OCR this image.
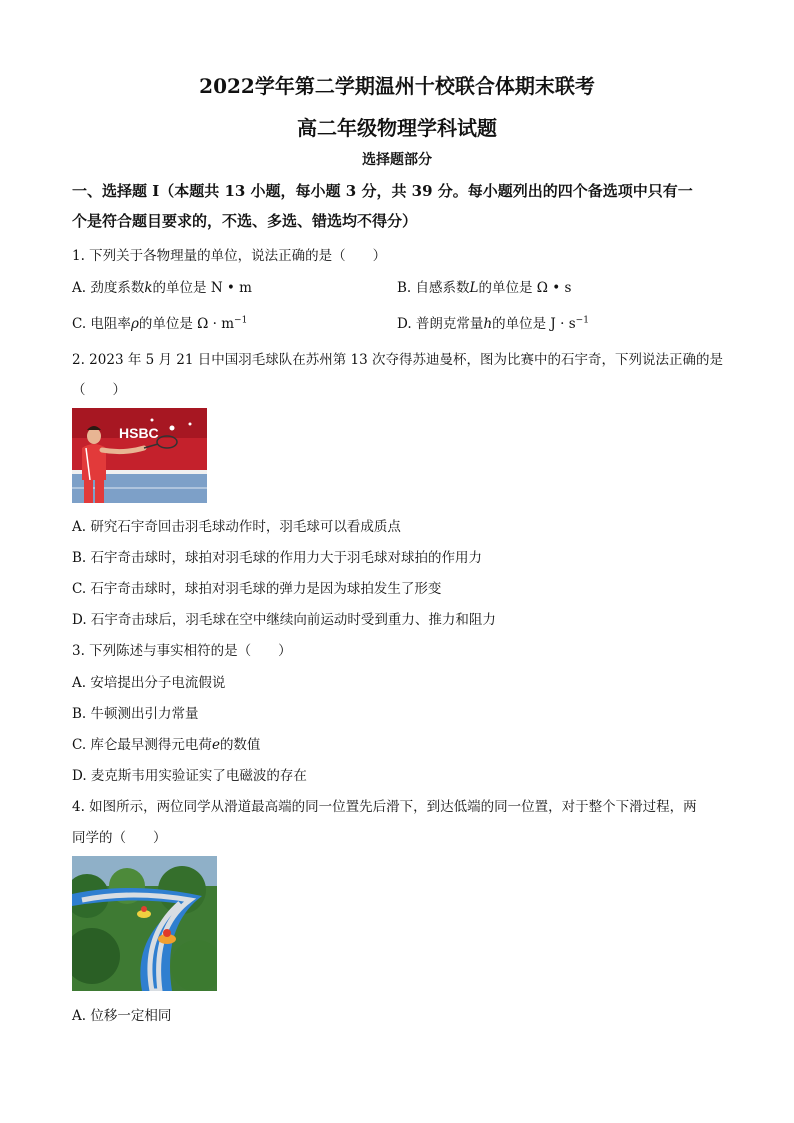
2022学年第二学期温州十校联合体期末联考
高二年级物理学科试题
选择题部分
一、选择题 I（本题共 13 小题，每小题 3 分，共 39 分。每小题列出的四个备选项中只有一
个是符合题目要求的，不选、多选、错选均不得分）
1. 下列关于各物理量的单位，说法正确的是（　　）
A. 劲度系数k的单位是 N • m	B. 自感系数L的单位是 Ω • s
C. 电阻率ρ的单位是 $\Omega \cdot m^{-1}$	D. 普朗克常量h的单位是 $J \cdot s^{-1}$
2. 2023 年 5 月 21 日中国羽毛球队在苏州第 13 次夺得苏迪曼杯，图为比赛中的石宇奇，下列说法正确的是
（　　）
HSBC
A. 研究石宇奇回击羽毛球动作时，羽毛球可以看成质点
B. 石宇奇击球时，球拍对羽毛球的作用力大于羽毛球对球拍的作用力
C. 石宇奇击球时，球拍对羽毛球的弹力是因为球拍发生了形变
D. 石宇奇击球后，羽毛球在空中继续向前运动时受到重力、推力和阻力
3. 下列陈述与事实相符的是（　　）
A. 安培提出分子电流假说
B. 牛顿测出引力常量
C. 库仑最早测得元电荷e的数值
D. 麦克斯韦用实验证实了电磁波的存在
4. 如图所示，两位同学从滑道最高端的同一位置先后滑下，到达低端的同一位置，对于整个下滑过程，两
同学的（　　）
A. 位移一定相同
